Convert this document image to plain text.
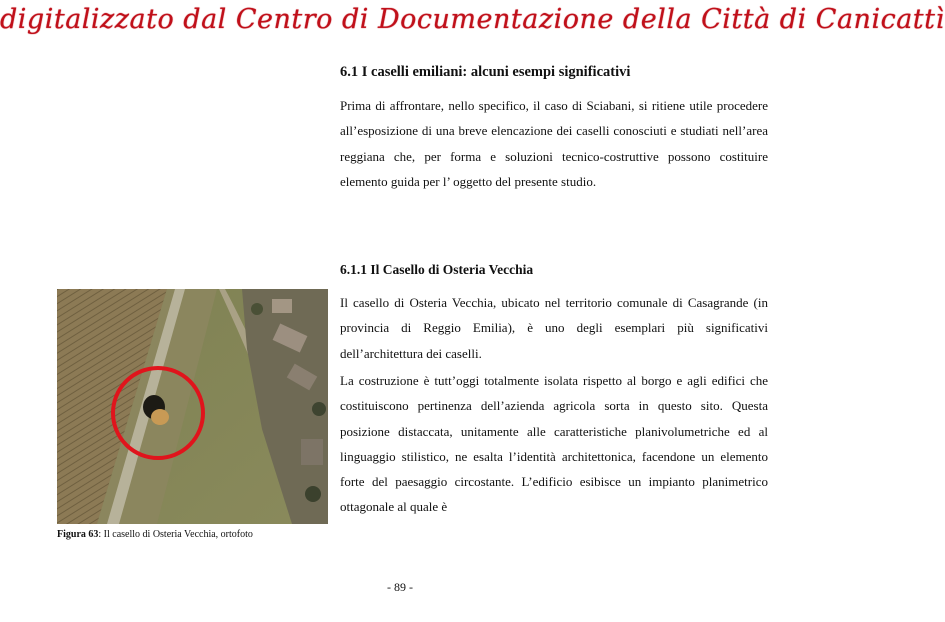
digitalizzato dal Centro di Documentazione della Città di Canicattì
6.1 I caselli emiliani: alcuni esempi significativi

Prima di affrontare, nello specifico, il caso di Sciabani, si ritiene utile procedere all’esposizione di una breve elencazione dei caselli conosciuti e studiati nell’area reggiana che, per forma e soluzioni tecnico-costruttive possono costituire elemento guida per l’ oggetto del presente studio.

6.1.1 Il Casello di Osteria Vecchia
Figura 63: Il casello di Osteria Vecchia, ortofoto

Il casello di Osteria Vecchia, ubicato nel territorio comunale di Casagrande (in provincia di Reggio Emilia), è uno degli esemplari più significativi dell’architettura dei caselli.

La costruzione è tutt’oggi totalmente isolata rispetto al borgo e agli edifici che costituiscono pertinenza dell’azienda agricola sorta in questo sito. Questa posizione distaccata, unitamente alle caratteristiche planivolumetriche ed al linguaggio stilistico, ne esalta l’identità architettonica, facendone un elemento forte del paesaggio circostante. L’edificio esibisce un impianto planimetrico ottagonale al quale è

- 89 -
